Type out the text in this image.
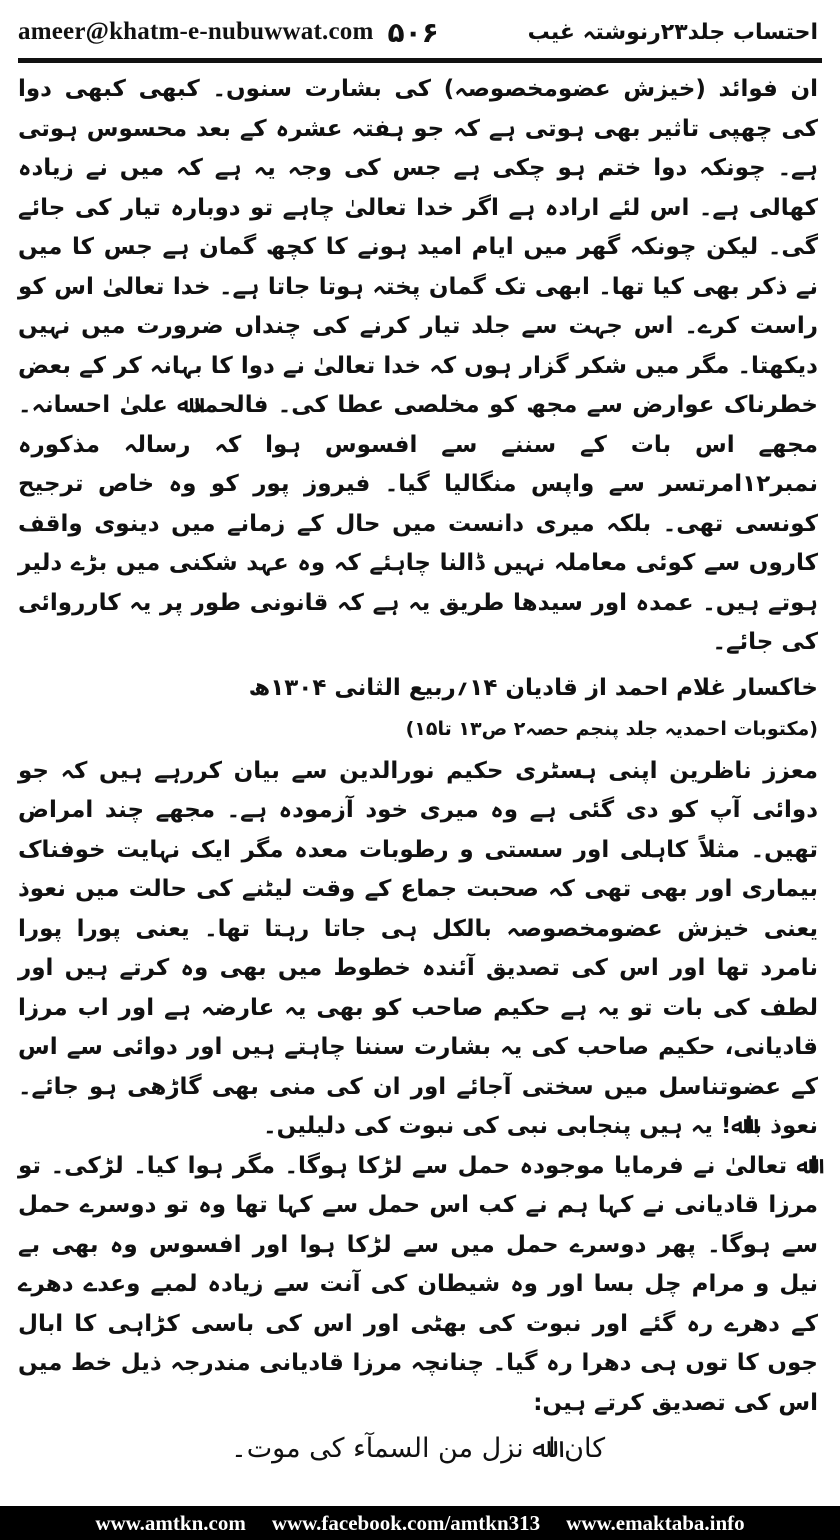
ameer@khatm-e-nubuwwat.com ۵۰۶	احتساب جلد۲۳رنوشتہ غیب

ان فوائد (خیزش عضومخصوصہ) کی بشارت سنوں۔ کبھی کبھی دوا کی چھپی تاثیر بھی ہوتی ہے کہ جو ہفتہ عشرہ کے بعد محسوس ہوتی ہے۔ چونکہ دوا ختم ہو چکی ہے جس کی وجہ یہ ہے کہ میں نے زیادہ کھالی ہے۔ اس لئے ارادہ ہے اگر خدا تعالیٰ چاہے تو دوبارہ تیار کی جائے گی۔ لیکن چونکہ گھر میں ایام امید ہونے کا کچھ گمان ہے جس کا میں نے ذکر بھی کیا تھا۔ ابھی تک گمان پختہ ہوتا جاتا ہے۔ خدا تعالیٰ اس کو راست کرے۔ اس جہت سے جلد تیار کرنے کی چنداں ضرورت میں نہیں دیکھتا۔ مگر میں شکر گزار ہوں کہ خدا تعالیٰ نے دوا کا بہانہ کر کے بعض خطرناک عوارض سے مجھ کو مخلصی عطا کی۔ فالحمدﷲ علیٰ احسانہ۔ مجھے اس بات کے سننے سے افسوس ہوا کہ رسالہ مذکورہ نمبر۱۲امرتسر سے واپس منگالیا گیا۔ فیروز پور کو وہ خاص ترجیح کونسی تھی۔ بلکہ میری دانست میں حال کے زمانے میں دینوی واقف کاروں سے کوئی معاملہ نہیں ڈالنا چاہئے کہ وہ عہد شکنی میں بڑے دلیر ہوتے ہیں۔ عمدہ اور سیدھا طریق یہ ہے کہ قانونی طور پر یہ کارروائی کی جائے۔

خاکسار غلام احمد از قادیان ۱۴؍ربیع الثانی ۱۳۰۴ھ

(مکتوبات احمدیہ جلد پنجم حصہ۲ ص۱۳ تا۱۵)

معزز ناظرین اپنی ہسٹری حکیم نورالدین سے بیان کررہے ہیں کہ جو دوائی آپ کو دی گئی ہے وہ میری خود آزمودہ ہے۔ مجھے چند امراض تھیں۔ مثلاً کاہلی اور سستی و رطوبات معدہ مگر ایک نہایت خوفناک بیماری اور بھی تھی کہ صحبت جماع کے وقت لیٹنے کی حالت میں نعوذ یعنی خیزش عضومخصوصہ بالکل ہی جاتا رہتا تھا۔ یعنی پورا پورا نامرد تھا اور اس کی تصدیق آئندہ خطوط میں بھی وہ کرتے ہیں اور لطف کی بات تو یہ ہے حکیم صاحب کو بھی یہ عارضہ ہے اور اب مرزا قادیانی، حکیم صاحب کی یہ بشارت سننا چاہتے ہیں اور دوائی سے اس کے عضوتناسل میں سختی آجائے اور ان کی منی بھی گاڑھی ہو جائے۔ نعوذ باﷲ! یہ ہیں پنجابی نبی کی نبوت کی دلیلیں۔

اﷲ تعالیٰ نے فرمایا موجودہ حمل سے لڑکا ہوگا۔ مگر ہوا کیا۔ لڑکی۔ تو مرزا قادیانی نے کہا ہم نے کب اس حمل سے کہا تھا وہ تو دوسرے حمل سے ہوگا۔ پھر دوسرے حمل میں سے لڑکا ہوا اور افسوس وہ بھی بے نیل و مرام چل بسا اور وہ شیطان کی آنت سے زیادہ لمبے وعدے دھرے کے دھرے رہ گئے اور نبوت کی بھٹی اور اس کی باسی کڑاہی کا ابال جوں کا توں ہی دھرا رہ گیا۔ چنانچہ مرزا قادیانی مندرجہ ذیل خط میں اس کی تصدیق کرتے ہیں:

کان اﷲ نزل من السمآء کی موت۔

www.amtkn.com www.facebook.com/amtkn313 www.emaktaba.info
